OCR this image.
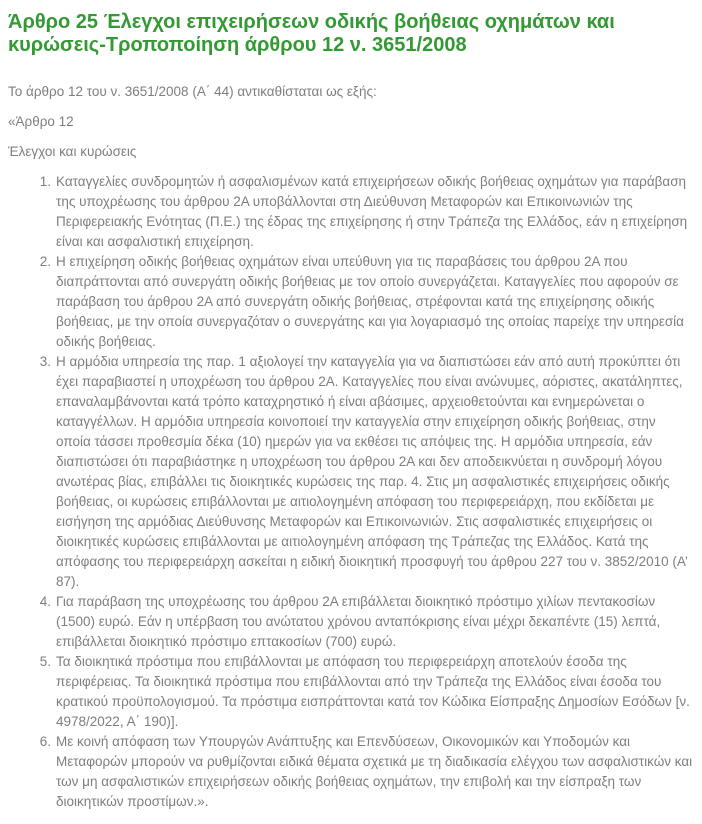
Άρθρο 25 Έλεγχοι επιχειρήσεων οδικής βοήθειας οχημάτων και κυρώσεις-Τροποποίηση άρθρου 12 ν. 3651/2008

Το άρθρο 12 του ν. 3651/2008 (Α΄ 44) αντικαθίσταται ως εξής:

«Άρθρο 12

Έλεγχοι και κυρώσεις

1. Καταγγελίες συνδρομητών ή ασφαλισμένων κατά επιχειρήσεων οδικής βοήθειας οχημάτων για παράβαση της υποχρέωσης του άρθρου 2Α υποβάλλονται στη Διεύθυνση Μεταφορών και Επικοινωνιών της Περιφερειακής Ενότητας (Π.Ε.) της έδρας της επιχείρησης ή στην Τράπεζα της Ελλάδος, εάν η επιχείρηση είναι και ασφαλιστική επιχείρηση.
2. Η επιχείρηση οδικής βοήθειας οχημάτων είναι υπεύθυνη για τις παραβάσεις του άρθρου 2Α που διαπράττονται από συνεργάτη οδικής βοήθειας με τον οποίο συνεργάζεται. Καταγγελίες που αφορούν σε παράβαση του άρθρου 2Α από συνεργάτη οδικής βοήθειας, στρέφονται κατά της επιχείρησης οδικής βοήθειας, με την οποία συνεργαζόταν ο συνεργάτης και για λογαριασμό της οποίας παρείχε την υπηρεσία οδικής βοήθειας.
3. Η αρμόδια υπηρεσία της παρ. 1 αξιολογεί την καταγγελία για να διαπιστώσει εάν από αυτή προκύπτει ότι έχει παραβιαστεί η υποχρέωση του άρθρου 2Α. Καταγγελίες που είναι ανώνυμες, αόριστες, ακατάληπτες, επαναλαμβάνονται κατά τρόπο καταχρηστικό ή είναι αβάσιμες, αρχειοθετούνται και ενημερώνεται ο καταγγέλλων. Η αρμόδια υπηρεσία κοινοποιεί την καταγγελία στην επιχείρηση οδικής βοήθειας, στην οποία τάσσει προθεσμία δέκα (10) ημερών για να εκθέσει τις απόψεις της. Η αρμόδια υπηρεσία, εάν διαπιστώσει ότι παραβιάστηκε η υποχρέωση του άρθρου 2Α και δεν αποδεικνύεται η συνδρομή λόγου ανωτέρας βίας, επιβάλλει τις διοικητικές κυρώσεις της παρ. 4. Στις μη ασφαλιστικές επιχειρήσεις οδικής βοήθειας, οι κυρώσεις επιβάλλονται με αιτιολογημένη απόφαση του περιφερειάρχη, που εκδίδεται με εισήγηση της αρμόδιας Διεύθυνσης Μεταφορών και Επικοινωνιών. Στις ασφαλιστικές επιχειρήσεις οι διοικητικές κυρώσεις επιβάλλονται με αιτιολογημένη απόφαση της Τράπεζας της Ελλάδος. Κατά της απόφασης του περιφερειάρχη ασκείται η ειδική διοικητική προσφυγή του άρθρου 227 του ν. 3852/2010 (Α’ 87).
4. Για παράβαση της υποχρέωσης του άρθρου 2Α επιβάλλεται διοικητικό πρόστιμο χιλίων πεντακοσίων (1500) ευρώ. Εάν η υπέρβαση του ανώτατου χρόνου ανταπόκρισης είναι μέχρι δεκαπέντε (15) λεπτά, επιβάλλεται διοικητικό πρόστιμο επτακοσίων (700) ευρώ.
5. Τα διοικητικά πρόστιμα που επιβάλλονται με απόφαση του περιφερειάρχη αποτελούν έσοδα της περιφέρειας. Τα διοικητικά πρόστιμα που επιβάλλονται από την Τράπεζα της Ελλάδος είναι έσοδα του κρατικού προϋπολογισμού. Τα πρόστιμα εισπράττονται κατά τον Κώδικα Είσπραξης Δημοσίων Εσόδων [ν. 4978/2022, Α΄ 190)].
6. Με κοινή απόφαση των Υπουργών Ανάπτυξης και Επενδύσεων, Οικονομικών και Υποδομών και Μεταφορών μπορούν να ρυθμίζονται ειδικά θέματα σχετικά με τη διαδικασία ελέγχου των ασφαλιστικών και των μη ασφαλιστικών επιχειρήσεων οδικής βοήθειας οχημάτων, την επιβολή και την είσπραξη των διοικητικών προστίμων.».
